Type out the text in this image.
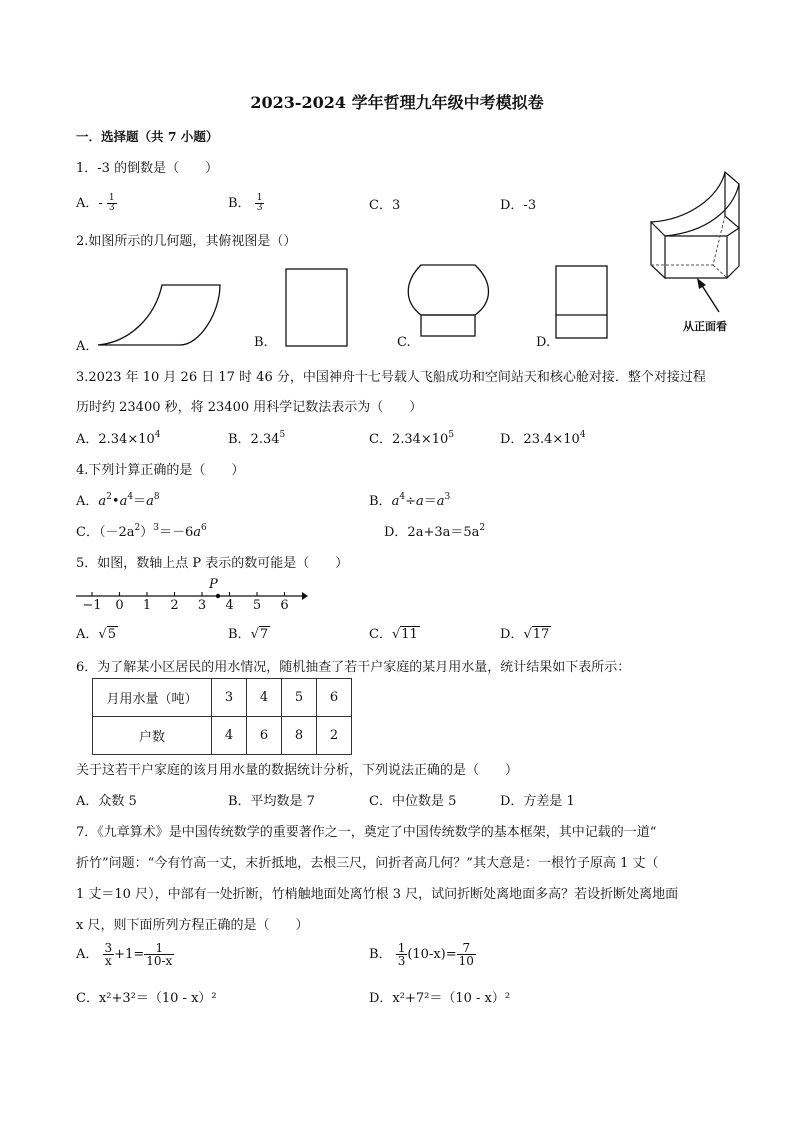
2023-2024 学年哲理九年级中考模拟卷
一．选择题（共 7 小题）
1．-3 的倒数是（　　）
A．- $\frac{1}{3}$	B． $\frac{1}{3}$	C．3	D．-3
2.如图所示的几何题，其俯视图是（）
A．	B.	C.	D.
从正面看
3.2023 年 10 月 26 日 17 时 46 分，中国神舟十七号载人飞船成功和空间站天和核心舱对接．整个对接过程
历时约 23400 秒，将 23400 用科学记数法表示为（　　）
A．$2.34\times 10^4$	B．2.34$^5$	C．$2.34\times 10^5$	D．$23.4\times 10^4$
4.下列计算正确的是（　　）
A．$a^2•a^4=a^8$	B．$a^4\div a=a^3$
C．$(-2a^2)^3=-6a^6$	D．$2a+3a=5a^2$
5．如图，数轴上点 P 表示的数可能是（　　）
P
−1	0	1	2	3	4	5	6
A．√5	B．√7	C．√11	D．√17
6．为了解某小区居民的用水情况，随机抽查了若干户家庭的某月用水量，统计结果如下表所示：
月用水量（吨）	3	4	5	6
户数	4	6	8	2
关于这若干户家庭的该月用水量的数据统计分析，下列说法正确的是（　　）
A．众数 5	B．平均数是 7	C．中位数是 5	D．方差是 1
7．《九章算术》是中国传统数学的重要著作之一，奠定了中国传统数学的基本框架，其中记载的一道“
折竹”问题：“今有竹高一丈，末折抵地，去根三尺，问折者高几何？”其大意是：一根竹子原高 1 丈（
1 丈＝10 尺），中部有一处折断，竹梢触地面处离竹根 3 尺，试问折断处离地面多高？若设折断处离地面
x 尺，则下面所列方程正确的是（　　）
A． $\frac{3}{x} +1= \frac{1}{10-x}$	B． $\frac{1}{3} (10-x)= \frac{7}{10}$
C．x²+3²＝（10 - x）²	D．x²+7²＝（10 - x）²
